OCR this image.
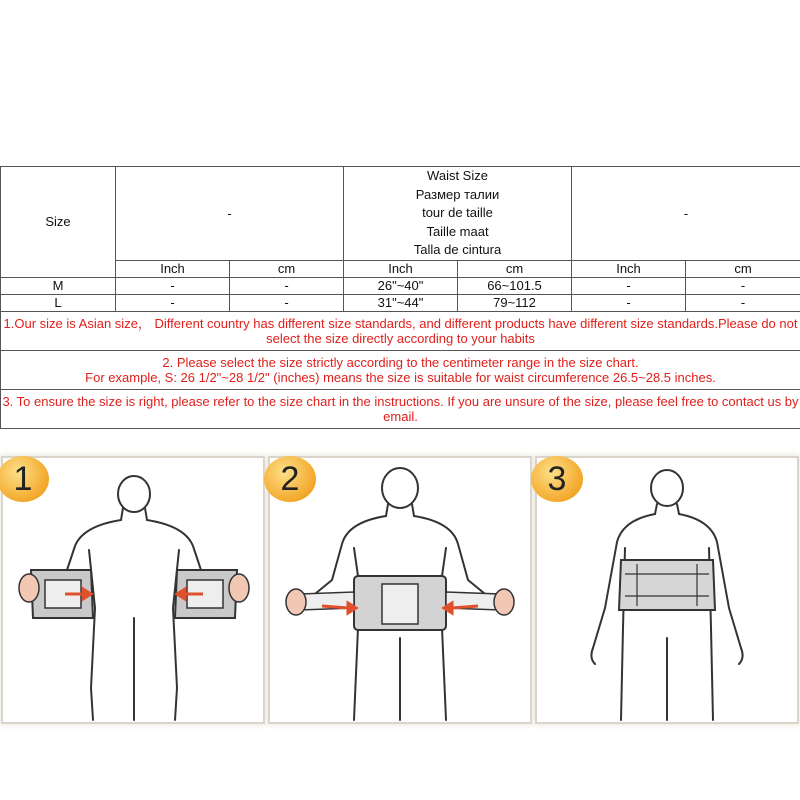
Size	-		Waist Size
Размер талии
tour de taille
Taille maat
Talla de cintura		-	
	Inch	cm	Inch	cm	Inch	cm
M	-	-	26"~40"	66~101.5	-	-
L	-	-	31"~44"	79~112	-	-
1.Our size is Asian size， Different country has different size standards, and different products have different size standards.Please do not select the size directly according to your habits						
2. Please select the size strictly according to the centimeter range in the size chart.
For example, S: 26 1/2"~28 1/2" (inches) means the size is suitable for waist circumference 26.5~28.5 inches.						
3. To ensure the size is right, please refer to the size chart in the instructions. If you are unsure of the size, please feel free to contact us by email.						
1	2	3
